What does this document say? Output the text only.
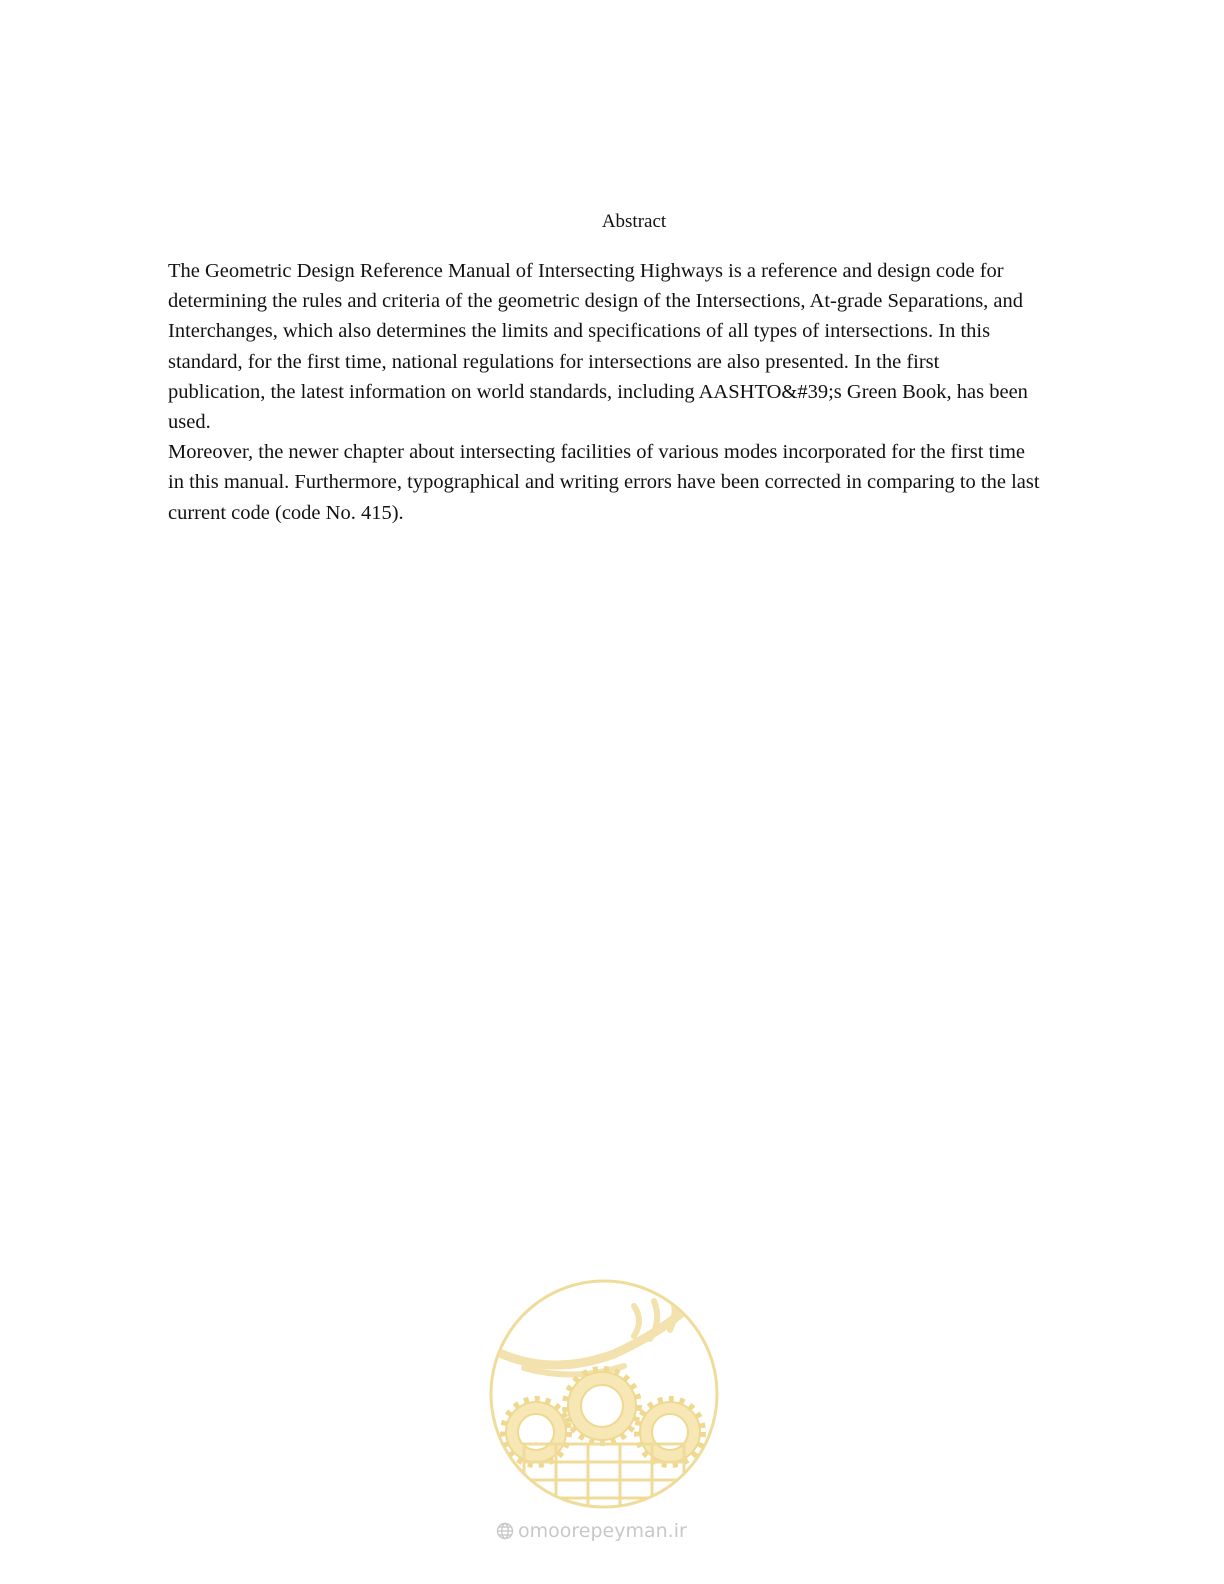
Abstract

The Geometric Design Reference Manual of Intersecting Highways is a reference and design code for
determining the rules and criteria of the geometric design of the Intersections, At-grade Separations, and
Interchanges, which also determines the limits and specifications of all types of intersections. In this
standard, for the first time, national regulations for intersections are also presented. In the first
publication, the latest information on world standards, including AASHTO&#39;s Green Book, has been
used.

Moreover, the newer chapter about intersecting facilities of various modes incorporated for the first time
in this manual. Furthermore, typographical and writing errors have been corrected in comparing to the last
current code (code No. 415).

omoorepeyman.ir
